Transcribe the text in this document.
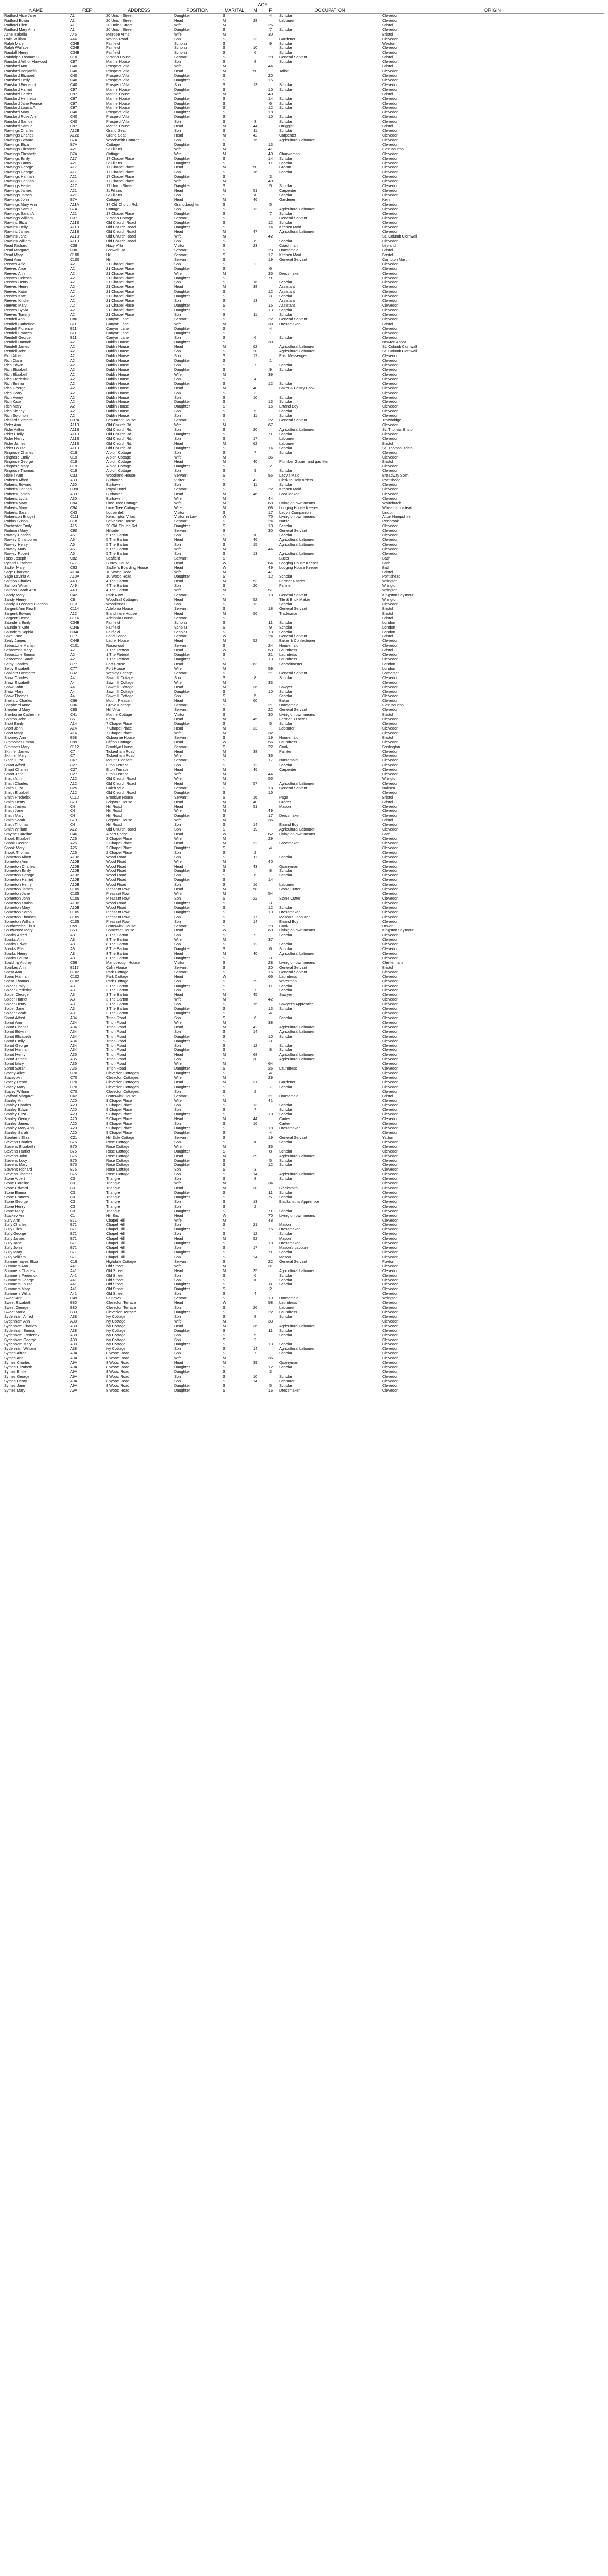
					AGE			
NAME	REF	ADDRESS	POSITION	MARITAL	M	F	OCCUPATION	ORIGIN
Radford Alice Jane	A1	20 Union Street	Daughter	S		4	Scholar	Clevedon
Radford Edwin	A1	20 Union Street	Head	M	28		Labourer	Clevedon
Radford Ellen	A1	20 Union Street	Wife	M		26		Bristol
Radford Mary Ann	A1	20 Union Street	Daughter	S		7	Scholar	Clevedon
Ashe Isabella	A45	Melrose Arms	Wife	M		30		Bristol
Ralls William	A44	Walton Road	Son	S	23		Gardener	Clevedon
Ralph Mary	C34B	Fairfield	Scholar	S		9	Scholar	Weston
Ralph Wallace	C34B	Fairfield	Scholar	S	10		Scholar	Clevedon
Randall Henry	C34B	Fairfield	Scholar	S	6		Scholar	Clevedon
Randolph Thomas C.	C10	Victoria House	Servant	S		20	General Servant	Bristol
Ransford Arthur Harwood	C97	Marine House	Son	S	8		Scholar	Clevedon
Ransford Ann	C40	Prospect Villa	Wife	M		44		Bristol
Ransford Benjamin	C40	Prospect Villa	Head	M	50		Tailor	Clevedon
Ransford Elizabeth	C40	Prospect Villa	Daughter	S		20		Clevedon
Ransford Emily	C40	Prospect Villa	Daughter	S		15		Clevedon
Ransford Frederick	C40	Prospect Villa	Son	S	13		Scholar	Clevedon
Ransford Harriet	C97	Marine House	Daughter	S		10	Scholar	Clevedon
Ransford Harriet	C97	Marine House	Wife	M		40		Bristol
Ransford Henrietta	C97	Marine House	Daughter	S		14	Scholar	Clevedon
Ransford Jane Pearce	C97	Marine House	Daughter	S		6	Scholar	Clevedon
Ransford Louisa A.	C97	Marine House	Daughter	S		12	Scholar	Clevedon
Ransford Mary	C40	Prospect Villa	Daughter	S		18		Clevedon
Ransford Rose Ann	C40	Prospect Villa	Daughter	S		10	Scholar	Clevedon
Ransford Samuel	C40	Prospect Villa	Son	S	8		Scholar	Clevedon
Ransford Samuel	C97	Marine House	Head	M	44		Druggist	Bristol
Rawlings Charles	A12B	Grand Seat	Son	S	11		Scholar	Clevedon
Rawlings Charles	A12B	Grand Seat	Head	M	42		Carpenter	Clevedon
Rawlings Edward	B7A	Woodsmith Cottage	Son	S	15		Agricultural Labourer	Clevedon
Rawlings Eliza	B7A	Cottage	Daughter	S		13		Clevedon
Rawlings Elizabeth	A21	St Fillans	Wife	M		41		Flax Bourton
Rawlings Elizabeth	B7A	Cottage	Wife	M		40	Charwoman	Clevedon
Rawlings Emily	A17	17 Chapel Place	Daughter	S		14	Scholar	Clevedon
Rawlings Fanny	A21	St Fillans	Daughter	S		11	Scholar	Clevedon
Rawlings George	A17	17 Chapel Place	Head	M	50		Groom	Clevedon
Rawlings George	A17	17 Chapel Place	Son	S	16		Scholar	Clevedon
Rawlings Hannah	A21	17 Chapel Place	Daughter	S		3		Clevedon
Rawlings Hannah	A17	17 Chapel Place	Wife	M		40		Clevedon
Rawlings Hester	A17	17 Union Street	Daughter	S		5	Scholar	Clevedon
Rawlings James	A21	St Fillans	Head	M	51		Carpenter	Clevedon
Rawlings James	A21	St Fillans	Son	S	10		Scholar	Clevedon
Rawlings John	B7A	Cottage	Head	M	46		Gardener	Kenn
Rawlings Mary Ann	A11A	34 Old Church Rd.	Granddaughter	S		5		Clevedon
Rawlings Samuel	B7A	Cottage	Son	S	13		Agricultural Labourer	Clevedon
Rawlings Sarah A.	A21	17 Chapel Place	Daughter	S		7	Scholar	Clevedon
Rawlings William	C37	Victoria Cottage	Servant	S			General Servant	Clevedon
Rawlins Eliza	A11B	Old Church Road	Daughter	S		12	Scholar	Clevedon
Rawlins Emily	A11B	Old Church Road	Daughter	S		14	Kitchen Maid	Clevedon
Rawlins James	A11B	Old Church Road	Head	M	47		Agricultural Labourer	Clevedon
Rawlins Jane	A11B	Old Church Road	Wife	M		42		St. Columb Cornwall
Rawlins William	A11B	Old Church Road	Son	S	6		Scholar	Clevedon
Read Richard	C38	Hazy Villa	Visitor	S	23		Coachman	Leyland
Read Margaret	C38	Boswell Rd	Servant	S		23	Housemaid	Bristol
Read Mary	C100	Hill	Servant	S		17	Kitchen Maid	Bristol
Reed Ann	C100	Hill	Servant	S		19	General Servant	Compton Martin
Reeves Alfie	A2	21 Chapel Place	Son	S	2			Clevedon
Reeves Alice	A2	21 Chapel Place	Daughter	S		6		Clevedon
Reeves Ann	A2	21 Chapel Place	Wife	M		35	Dressmaker	Clevedon
Reeves Celestia	A2	21 Chapel Place	Daughter	S		9		Clevedon
Reeves Henry	A2	21 Chapel Place	Son	S	16		Scholar	Clevedon
Reeves Henry	A2	21 Chapel Place	Head	M	38		Assistant	Clevedon
Reeves Katie	A2	21 Chapel Place	Daughter	S		12	Assistant	Clevedon
Reeves Kate	A2	21 Chapel Place	Daughter	S		3	Scholar	Clevedon
Reeves Kindle	A2	21 Chapel Place	Son	S	13		Assistant	Clevedon
Reeves Mary	A2	21 Chapel Place	Daughter	S		15	Assistant	Clevedon
Reeves Sylvia	A2	21 Chapel Place	Daughter	S		13	Scholar	Clevedon
Reeves Tommy	A2	21 Chapel Place	Son	S	11		Scholar	Clevedon
Rendell Ann	C86	Canyon Lane	Servant	S		22	General Servant	Clevedon
Rendell Catherine	B11	Canyon Lane	Wife	M		30	Dressmaker	Bristol
Rendell Florence	B11	Canyon Lane	Daughter	S		4		Clevedon
Rendell Frances	B11	Canyon Lane	Daughter	S		1		Clevedon
Rendell George	B11	Canyon Lane	Son	S	6		Scholar	Clevedon
Rendell Hannah	A2	Dublin House	Daughter	S		30		Newton Abbot
Rendell James	A2	Dublin House	Head	M	62		Agricultural Labourer	St. Columb Cornwall
Rendell John	A2	Dublin House	Son	S	20		Agricultural Labourer	St. Columb Cornwall
Rich Albert	A2	Dublin House	Son	S	17		Post Messenger	Clevedon
Rich Clara	A2	Dublin House	Daughter	S		1		Clevedon
Rich Edwin	A2	Dublin House	Son	S	7		Scholar	Clevedon
Rich Elizabeth	A2	Dublin House	Daughter	S		9	Scholar	Clevedon
Rich Elizabeth	A2	Dublin House	Wife	M		39		Clevedon
Rich Frederick	A2	Dublin House	Son	S	4			Clevedon
Rich Emma	A2	Dublin House	Daughter	S		12	Scholar	Clevedon
Rich George	A2	Dublin House	Head	M	40		Baker & Pastry Cook	Clevedon
Rich Harry	A2	Dublin House	Son	S	3			Clevedon
Rich Henry	A2	Dublin House	Son	S	10		Scholar	Clevedon
Rich Kate	A2	Dublin House	Daughter	S		13	Scholar	Clevedon
Rich Mary	A2	Dublin House	Daughter	S		15	Errand Boy	Clevedon
Rich Sidney	A2	Dublin House	Son	S	5		Scholar	Clevedon
Rich Solomon	A2	Dublin House	Son	S	11		Scholar	Clevedon
Richards Victoria	C37a	Beaumont House	Servant	S		22	General Servant	Trowbridge
Rider Ann	A11B	Old Church Rd.	Wife	M		67		Clevedon
Rider Arthur	A11B	Old Church Rd.	Son	S	20		Agricultural Labourer	St. Thomas Bristol
Rider Emily	A11B	Old Church Rd.	Daughter	S		9	Scholar	Clevedon
Rider Henry	A11B	Old Church Rd.	Son	S	17		Labourer	Clevedon
Rider James	A11B	Old Church Rd.	Head	M	62		Labourer	Bristol
Rider Louisa	A11B	Old Church Rd.	Daughter	S		14	Scholar	St. Thomas Bristol
Ringrose Charles	C19	Albion Cottage	Son	S	7		Scholar	Clevedon
Ringrose Emily	C19	Albion Cottage	Wife	M		36		Clevedon
Ringrose George	C19	Albion Cottage	Head	M	40		Plumber Glazier and gasfitter	Bristol
Ringrose Mary	C19	Albion Cottage	Daughter	S		2		Clevedon
Ringrose Thomas	C19	Albion Cottage	Son	S	9		Scholar	Clevedon
Ripleill Ann	C33	Woodland House	Servant	S		55	Lady's Maid	Broadway Som.
Roberts Alfred	A30	Burhaven	Visitor	S	42		Clerk to Holy orders	Portishead
Roberts Edward	A30	Burhaven	Son	S	11		Scholar	Clevedon
Roberts Hannah	C39B	Royal Hotel	Servant	S		22	Kitchen Maid	Clevedon
Roberts James	A30	Burhaven	Head	M	46		Boot Maker	Clevedon
Roberts Lydia	A30	Burhaven	Wife	M		44		Clevedon
Roberts Mary	C9A	Lime Tree Cottage	Wife	M		68	Living on own means	Whitchurch
Roberts Mary	C9A	Lime Tree Cottage	Wife	M		68	Lodging House Keeper	Wheathampstead
Roberts Sarah	C43	Louvenfell	Visitor	S		17	Lady's Companion	Lincoln
Robertson Bridget	C111	Kensington Villas	Visitor in Law	W		75	Living on own means	Alton Hampshire
Robins Susan	C18	Belvedere House	Servant	S		24	Nurse	Redbrook
Rochester Emily	A15	20 Old Church Rd.	Daughter	S		10	Scholar	Clevedon
Rodman Mary	C90	Hillside	Servant	S		30	General Servant	Clevedon
Rowley Charles	A6	5 The Barton	Son	S	10		Scholar	Clevedon
Rowley Christopher	A6	5 The Barton	Head	M	46		Agricultural Labourer	Clevedon
Rowley Henry	A6	5 The Barton	Son	S	15		Agricultural Labourer	Clevedon
Rowley Mary	A6	5 The Barton	Wife	M		44		Clevedon
Rowley Robert	A6	5 The Barton	Son	S	13		Agricultural Labourer	Clevedon
Russ Joseph	C82	Seafield	Servant	S			Butler	Bath
Ryland Elizabeth	B77	Surrey House	Head	W		64	Lodging House Keeper	Bath
Sadler Mary	C63	Sadler's Boarding House	Head	W		49	Lodging House Keeper	Bath
Sage Charlotte	A10A	10 Wood Road	Wife	M		41		Bristol
Sage Lavinia A.	A10A	10 Wood Road	Daughter	S		12	Scholar	Portishead
Salmon Charles	A49	4 The Barton	Head	M	53		Farmer 4 acres	Wrington
Salmon Wiliam	A49	4 The Barton	Son	S	20		Farmer	Wrington
Salmon Sarah Ann	A49	4 The Barton	Wife	M		51		Wrington
Sandy Mary	C42	Park Row	Servant	S		18	General Servant	Kingston Seymour
Sandy Henry	C8	Woodhall Cottages	Head	M	52		Tile & Brick Maker	Wrington
Sandy T.Leonard Blagdon	C13	Woodlands	Son	S	13		Scholar	Clevedon
Sargent Ann Rewll	C114	Adelphia House	Servant	S		18	General Servant	Bristol
Sargent Edward	A12	Blandmere House	Head	M	56		Tradesman	Bristol
Sargent Emma	C114	Adelphia House	Servant	S				Bristol
Saunders Emily	C34B	Fairfield	Scholar	S		11	Scholar	London
Saunders Kate	C34B	Fairfield	Scholar	S		9	Scholar	London
Saunders Sophia	C34B	Fairfield	Scholar	S		13	Scholar	London
Saxe Jane	C17	Fond Lodge	Servant	W		24	General Servant	Bristol
Sealy James	C44B	Laurel House	Head	M	52		Baker & Confectioner	Clevedon
Sebastone Marian	C101	Rosewood	Servant	S		24	Housemaid	Clevedon
Sebastone Mary	A2	1 The Retreat	Head	W		53	Laundress	Bristol
Sebastone Emma	A2	1 The Retreat	Daughter	S		21	Laundress	Clevedon
Sebastone Sarah	A2	1 The Retreat	Daughter	S		19	Laundress	Clevedon
Selby Charles	C77	Fort House	Head	M	63		Schoolmaster	London
Selby Elizabeth	C77	Fort House	Wife	M		59		London
Shalloth Lanmarth	B82	Wesley Cottage	Servant	S		21	General Servant	Somerset
Shaw Charles	A4	Sawmill Cottage	Son	S	8		Scholar	Clevedon
Shaw Elizabeth	A4	Sawmill Cottage	Wife	M		33		Clevedon
Shaw John	A4	Sawmill Cottage	Head	M	36		Sawyer	Clevedon
Shaw Mary	A4	Sawmill Cottage	Daughter	S		10	Scholar	Clevedon
Shaw Thomas	A4	Sawmill Cottage	Son	S	5		Scholar	Clevedon
Shellard Charles	C66	Mount Pleasant	Head	M	60		Baker	Clevedon
Shepherd Anne	C36	Grove Cottage	Servant	S		21	Housemaid	Flax Bourton
Shepherd Mary	C85	Hill Villa	Servant	S		22	General Servant	Clevedon
Sherborne Catherine	C41	Marine Cottage	Visitor	S		30	Living on own means	Bristol
Shipton John	B6	Farm	Head	M	45		Farmer 30 acres	Clevedon
Short Emily	A14	7 Chapel Place	Daughter	S		5	Scholar	Clevedon
Short John	A14	7 Chapel Place	Head	M	33		Labourer	Clevedon
Short Mary	A14	7 Chapel Place	Wife	M		32		Clevedon
Shorney Ann	B68	Osbourne House	Servant	S		19	Housemaid	Bristol
Simmonds Emma	C99	Clifton Cottage	Head	W		56	Laundress	Clevedon
Simmons Mary	C112	Brooklyn House	Servant	S		22	Cook	Brislington
Skinner James	C7	Tickenham Road	Head	M	38		Painter	Clevedon
Skinner Mary	C7	Tickenham Road	Wife	M		36		Clevedon
Slade Eliza	C67	Mount Pleasant	Servant	S		17	Nursemaid	Clevedon
Smart Alfred	C27	Elton Terrace	Son	S	12		Scholar	Clevedon
Smart Charles	C27	Elton Terrace	Head	M	46		Carpenter	Clevedon
Smart Jane	C27	Elton Terrace	Wife	M		44		Clevedon
Smith Ann	A12	Old Church Road	Wife	M		55		Wrington
Smith Charles	A12	Old Church Road	Head	M	57		Agricultural Labourer	Clevedon
Smith Eliza	C25	Caleb Villa	Servant	S		18	General Servant	Nailsea
Smith Elizabeth	A12	Old Church Road	Daughter	S		15		Clevedon
Smith Frederick	C112	Brooklyn House	Servant	S	16		Page	Bristol
Smith Henry	B79	Brighton House	Head	M	40		Grocer	Bristol
Smith James	C4	Hill Road	Head	M	51		Mason	Clevedon
Smith Jane	C4	Hill Road	Wife	M		49		Clevedon
Smith Mary	C4	Hill Road	Daughter	S		17	Dressmaker	Clevedon
Smith Sarah	B79	Brighton House	Wife	M		36		Bristol
Smith Thomas	C4	Hill Road	Son	S	14		Errand Boy	Clevedon
Smith William	A12	Old Church Road	Son	S	19		Agricultural Labourer	Clevedon
Smythe Caroline	C46	Albert Lodge	Head	W		62	Living on own means	Bath
Snook Elizabeth	A26	2 Chapel Place	Wife	M		29		Clevedon
Snook George	A26	2 Chapel Place	Head	M	32		Shoemaker	Clevedon
Snook Mary	A26	2 Chapel Place	Daughter	S		4		Clevedon
Snook Thomas	A26	2 Chapel Place	Son	S	2			Clevedon
Somerton Albert	A10B	Wood Road	Son	S	11		Scholar	Clevedon
Somerton Ann	A10B	Wood Road	Wife	M		40		Clevedon
Somerton Charles	A10B	Wood Road	Head	M	43		Quarryman	Clevedon
Somerton Emily	A10B	Wood Road	Daughter	S		8	Scholar	Clevedon
Somerton George	A10B	Wood Road	Son	S	6		Scholar	Clevedon
Somerton Harriet	A10B	Wood Road	Daughter	S		14		Clevedon
Somerton Henry	A10B	Wood Road	Son	S	16		Labourer	Clevedon
Somerton James	C105	Pleasant Row	Head	M	58		Stone Cutter	Clevedon
Somerton Jane	C105	Pleasant Row	Wife	M		54		Clevedon
Somerton John	C105	Pleasant Row	Son	S	22		Stone Cutter	Clevedon
Somerton Louisa	A10B	Wood Road	Daughter	S		3		Clevedon
Somerton Mary	A10B	Wood Road	Daughter	S		12	Scholar	Clevedon
Somerton Sarah	C105	Pleasant Row	Daughter	S		19	Dressmaker	Clevedon
Somerton Thomas	C105	Pleasant Row	Son	S	17		Mason's Labourer	Clevedon
Somerton William	C105	Pleasant Row	Son	S	14		Errand Boy	Clevedon
Southcombe Eliza	C59	Brunswick House	Servant	S		23	Cook	Devon
Southwood Mary	B69	Somerset House	Head	W		60	Living on own means	Kingston Seymour
Sparks Alfred	A8	8 The Barton	Son	S	9		Scholar	Clevedon
Sparks Ann	A8	8 The Barton	Wife	M		37		Clevedon
Sparks Edwin	A8	8 The Barton	Son	S	12		Scholar	Clevedon
Sparks Ellen	A8	8 The Barton	Daughter	S		6	Scholar	Clevedon
Sparks Henry	A8	8 The Barton	Head	M	40		Agricultural Labourer	Clevedon
Sparks Louisa	A8	8 The Barton	Daughter	S		3		Clevedon
Spalding Audrey	C56	Marlborough House	Visitor	S		28	Living on own means	Cheltenham
Sparkes Ann	B117	Colin House	Servant	S		20	General Servant	Bristol
Spear Ann	C102	Park Cottage	Servant	S		16	General Servant	Clevedon
Spear Hannah	C102	Park Cottage	Head	W		66	Laundress	Clevedon
Spear Thomas	C102	Park Cottage	Son	S	29		Waterman	Clevedon
Spicer Emily	A3	3 The Barton	Daughter	S		11	Scholar	Clevedon
Spicer Frederick	A3	3 The Barton	Son	S	7		Scholar	Clevedon
Spicer George	A3	3 The Barton	Head	M	45		Sawyer	Clevedon
Spicer Harriet	A3	3 The Barton	Wife	M		42		Clevedon
Spicer Henry	A3	3 The Barton	Son	S	15		Sawyer's Apprentice	Clevedon
Spicer Jane	A3	3 The Barton	Daughter	S		13	Scholar	Clevedon
Spicer Sarah	A3	3 The Barton	Daughter	S		4		Clevedon
Sprod Alfred	A34	Triton Road	Son	S	6		Scholar	Clevedon
Sprod Ann	A34	Triton Road	Wife	M		38		Clevedon
Sprod Charles	A34	Triton Road	Head	M	42		Agricultural Labourer	Clevedon
Sprod Edwin	A34	Triton Road	Son	S	14		Agricultural Labourer	Clevedon
Sprod Elizabeth	A34	Triton Road	Daughter	S		10	Scholar	Clevedon
Sprod Emily	A34	Triton Road	Daughter	S		3		Clevedon
Sprod George	A34	Triton Road	Son	S	12		Scholar	Clevedon
Sprod Hannah	A34	Triton Road	Daughter	S		8	Scholar	Clevedon
Sprod Henry	A35	Triton Road	Head	M	68		Agricultural Labourer	Clevedon
Sprod James	A35	Triton Road	Son	S	30		Agricultural Labourer	Clevedon
Sprod Mary	A35	Triton Road	Wife	M		64		Clevedon
Sprod Sarah	A35	Triton Road	Daughter	S		25	Laundress	Clevedon
Stacey Alice	C70	Clevedon Cottages	Daughter	S		4		Clevedon
Stacey Ann	C70	Clevedon Cottages	Wife	M		29		Clevedon
Stacey Henry	C70	Clevedon Cottages	Head	M	31		Gardener	Clevedon
Stacey Mary	C70	Clevedon Cottages	Daughter	S		7	Scholar	Clevedon
Stacey William	C70	Clevedon Cottages	Son	S	2			Clevedon
Stafford Margaret	C62	Brunswick House	Servant	S		21	Housemaid	Bristol
Stanley Ann	A20	9 Chapel Place	Wife	M		41		Clevedon
Stanley Charles	A20	9 Chapel Place	Son	S	13		Scholar	Clevedon
Stanley Edwin	A20	9 Chapel Place	Son	S	7		Scholar	Clevedon
Stanley Eliza	A20	9 Chapel Place	Daughter	S		10	Scholar	Clevedon
Stanley George	A20	9 Chapel Place	Head	M	44		Carter	Clevedon
Stanley James	A20	9 Chapel Place	Son	S	16		Carter	Clevedon
Stanley Mary Ann	A20	9 Chapel Place	Daughter	S		18	Dressmaker	Clevedon
Stanley Sarah	A20	9 Chapel Place	Daughter	S		4		Clevedon
Stephens Eliza	C21	Hill Side Cottage	Servant	S		19	General Servant	Yatton
Stevens Charles	B75	Rose Cottage	Son	S	10		Scholar	Clevedon
Stevens Elizabeth	B75	Rose Cottage	Wife	M		36		Clevedon
Stevens Harriet	B75	Rose Cottage	Daughter	S		8	Scholar	Clevedon
Stevens John	B75	Rose Cottage	Head	M	39		Agricultural Labourer	Clevedon
Stevens Lucy	B75	Rose Cottage	Daughter	S		5	Scholar	Clevedon
Stevens Mary	B75	Rose Cottage	Daughter	S		12	Scholar	Clevedon
Stevens Richard	B75	Rose Cottage	Son	S	3			Clevedon
Stevens Thomas	B75	Rose Cottage	Son	S	14		Agricultural Labourer	Clevedon
Stone Albert	C3	Triangle	Son	S	8		Scholar	Clevedon
Stone Caroline	C3	Triangle	Wife	M		34		Clevedon
Stone Edward	C3	Triangle	Head	M	38		Blacksmith	Clevedon
Stone Emma	C3	Triangle	Daughter	S		11	Scholar	Clevedon
Stone Frances	C3	Triangle	Daughter	S		5	Scholar	Clevedon
Stone George	C3	Triangle	Son	S	13		Blacksmith's Apprentice	Clevedon
Stone Henry	C3	Triangle	Son	S	2			Clevedon
Stone Mary	C3	Triangle	Daughter	S		9	Scholar	Clevedon
Stuckey Ann	C1	Hill End	Head	W		70	Living on own means	Clevedon
Sully Ann	B71	Chapel Hill	Wife	M		48		Clevedon
Sully Charles	B71	Chapel Hill	Son	S	21		Mason	Clevedon
Sully Eliza	B71	Chapel Hill	Daughter	S		15	Dressmaker	Clevedon
Sully George	B71	Chapel Hill	Son	S	12		Scholar	Clevedon
Sully James	B71	Chapel Hill	Head	M	52		Mason	Clevedon
Sully Jane	B71	Chapel Hill	Daughter	S		18	Dressmaker	Clevedon
Sully John	B71	Chapel Hill	Son	S	17		Mason's Labourer	Clevedon
Sully Mary	B71	Chapel Hill	Daughter	S		9	Scholar	Clevedon
Sully William	B71	Chapel Hill	Son	S	24		Mason	Clevedon
Summerhayes Eliza	C16	Highdale Cottage	Servant	S		22	General Servant	Puxton
Summers Ann	A41	Old Street	Wife	M		31		Clevedon
Summers Charles	A41	Old Street	Head	M	35		Agricultural Labourer	Clevedon
Summers Frederick	A41	Old Street	Son	S	6		Scholar	Clevedon
Summers George	A41	Old Street	Son	S	10		Scholar	Clevedon
Summers Louisa	A41	Old Street	Daughter	S		8	Scholar	Clevedon
Summers Mary	A41	Old Street	Daughter	S		2		Clevedon
Summers William	A41	Old Street	Son	S	4			Clevedon
Sweet Ann	C49	Fairlawn	Servant	S		19	Housemaid	Wrington
Sweet Elizabeth	B80	Clevedon Terrace	Head	W		58	Laundress	Clevedon
Sweet George	B80	Clevedon Terrace	Son	S	26		Labourer	Clevedon
Sweet Maria	B80	Clevedon Terrace	Daughter	S		22	Laundress	Clevedon
Sydenham Alfred	A38	Ivy Cottage	Son	S	8		Scholar	Clevedon
Sydenham Ann	A38	Ivy Cottage	Wife	M		33		Clevedon
Sydenham Charles	A38	Ivy Cottage	Head	M	36		Agricultural Labourer	Clevedon
Sydenham Emma	A38	Ivy Cottage	Daughter	S		11	Scholar	Clevedon
Sydenham Frederick	A38	Ivy Cottage	Son	S	5		Scholar	Clevedon
Sydenham George	A38	Ivy Cottage	Son	S	2			Clevedon
Sydenham Mary	A38	Ivy Cottage	Daughter	S		13	Scholar	Clevedon
Sydenham William	A38	Ivy Cottage	Son	S	14		Agricultural Labourer	Clevedon
Symes Alfred	A9A	8 Wood Road	Son	S	7		Scholar	Clevedon
Symes Ann	A9A	8 Wood Road	Wife	M		35		Clevedon
Symes Charles	A9A	8 Wood Road	Head	M	39		Quarryman	Clevedon
Symes Elizabeth	A9A	8 Wood Road	Daughter	S		12	Scholar	Clevedon
Symes Emily	A9A	8 Wood Road	Daughter	S		3		Clevedon
Symes George	A9A	8 Wood Road	Son	S	10		Scholar	Clevedon
Symes Henry	A9A	8 Wood Road	Son	S	14		Labourer	Clevedon
Symes Jane	A9A	8 Wood Road	Daughter	S		5	Scholar	Clevedon
Symes Mary	A9A	8 Wood Road	Daughter	S		16	Dressmaker	Clevedon
